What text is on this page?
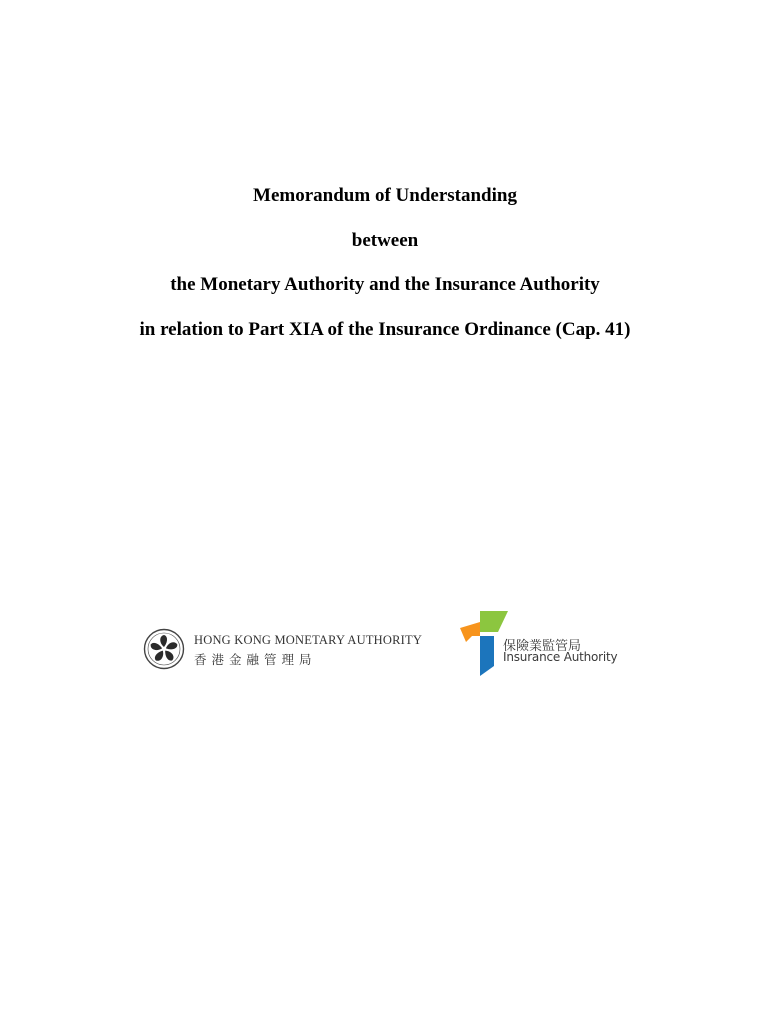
Memorandum of Understanding
between
the Monetary Authority and the Insurance Authority
in relation to Part XIA of the Insurance Ordinance (Cap. 41)
HONG KONG MONETARY AUTHORITY
香港金融管理局
保險業監管局
Insurance Authority
